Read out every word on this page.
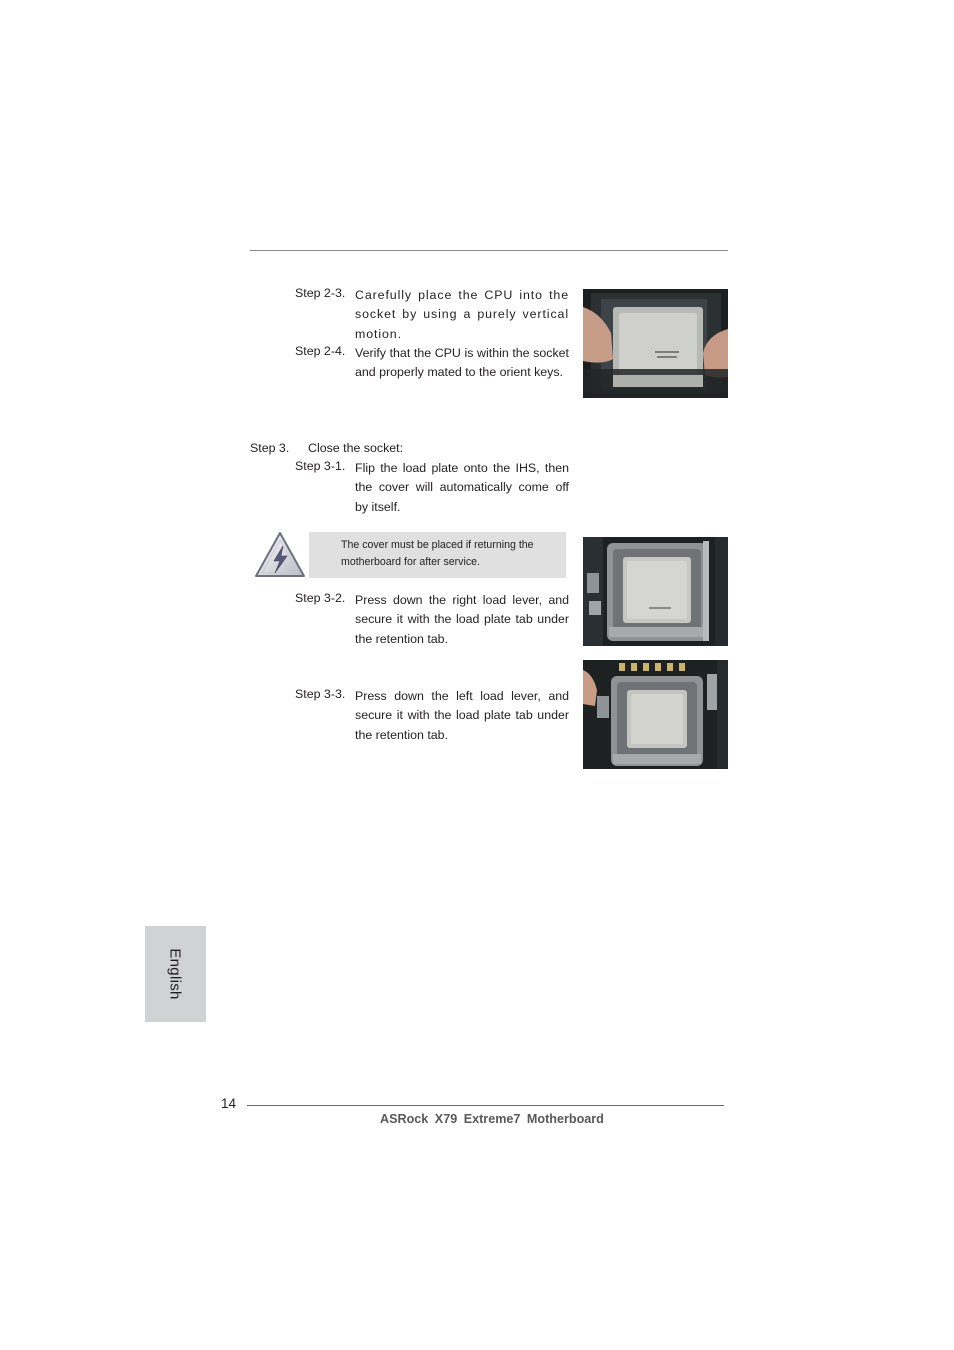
Step 2-3. Carefully place the CPU into the socket by using a purely vertical motion.
Step 2-4. Verify that the CPU is within the socket and properly mated to the orient keys.
Step 3. Close the socket:
Step 3-1. Flip the load plate onto the IHS, then the cover will automatically come off by itself.
The cover must be placed if returning the motherboard for after service.
Step 3-2. Press down the right load lever, and secure it with the load plate tab under the retention tab.
Step 3-3. Press down the left load lever, and secure it with the load plate tab under the retention tab.
English
14
ASRock X79 Extreme7 Motherboard
